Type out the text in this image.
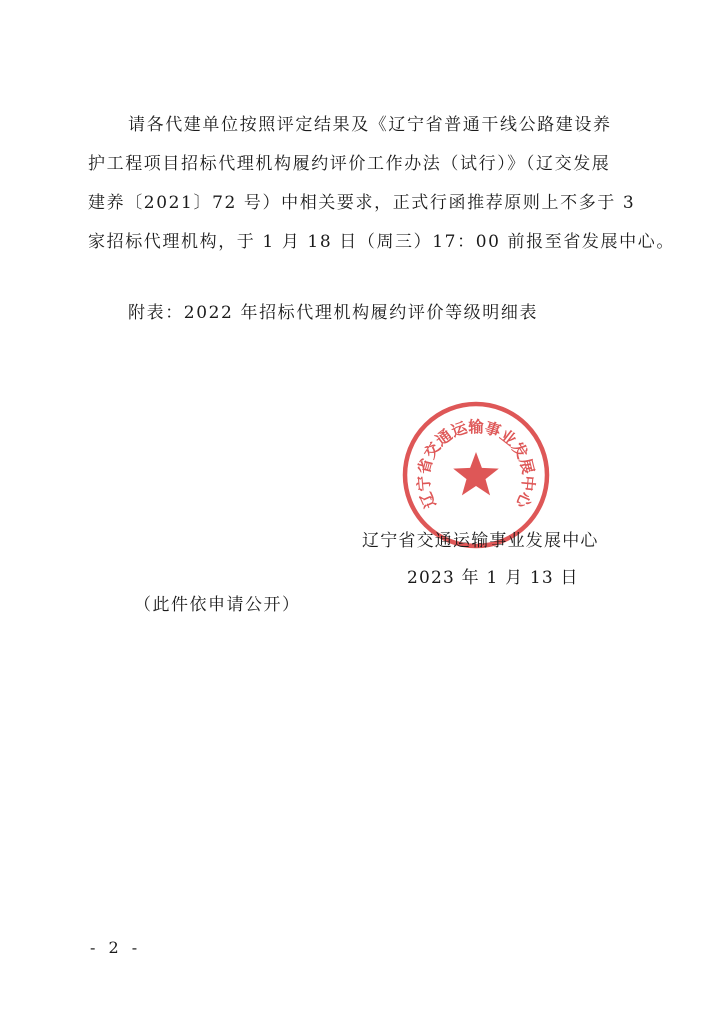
请各代建单位按照评定结果及《辽宁省普通干线公路建设养
护工程项目招标代理机构履约评价工作办法（试行）》（辽交发展
建养〔2021〕72 号）中相关要求，正式行函推荐原则上不多于 3
家招标代理机构，于 1 月 18 日（周三）17：00 前报至省发展中心。
附表：2022 年招标代理机构履约评价等级明细表
辽宁省交通运输事业发展中心
辽宁省交通运输事业发展中心
2023 年 1 月 13 日
（此件依申请公开）
- 2 -
